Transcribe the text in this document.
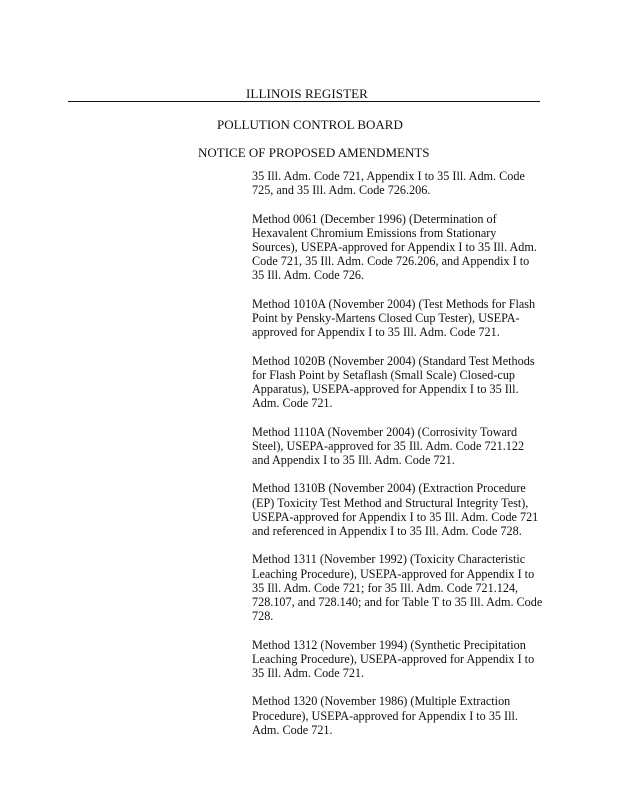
ILLINOIS REGISTER
POLLUTION CONTROL BOARD
NOTICE OF PROPOSED AMENDMENTS

35 Ill. Adm. Code 721, Appendix I to 35 Ill. Adm. Code 725, and 35 Ill. Adm. Code 726.206.

Method 0061 (December 1996) (Determination of Hexavalent Chromium Emissions from Stationary Sources), USEPA-approved for Appendix I to 35 Ill. Adm. Code 721, 35 Ill. Adm. Code 726.206, and Appendix I to 35 Ill. Adm. Code 726.

Method 1010A (November 2004) (Test Methods for Flash Point by Pensky-Martens Closed Cup Tester), USEPA-approved for Appendix I to 35 Ill. Adm. Code 721.

Method 1020B (November 2004) (Standard Test Methods for Flash Point by Setaflash (Small Scale) Closed-cup Apparatus), USEPA-approved for Appendix I to 35 Ill. Adm. Code 721.

Method 1110A (November 2004) (Corrosivity Toward Steel), USEPA-approved for 35 Ill. Adm. Code 721.122 and Appendix I to 35 Ill. Adm. Code 721.

Method 1310B (November 2004) (Extraction Procedure (EP) Toxicity Test Method and Structural Integrity Test), USEPA-approved for Appendix I to 35 Ill. Adm. Code 721 and referenced in Appendix I to 35 Ill. Adm. Code 728.

Method 1311 (November 1992) (Toxicity Characteristic Leaching Procedure), USEPA-approved for Appendix I to 35 Ill. Adm. Code 721; for 35 Ill. Adm. Code 721.124, 728.107, and 728.140; and for Table T to 35 Ill. Adm. Code 728.

Method 1312 (November 1994) (Synthetic Precipitation Leaching Procedure), USEPA-approved for Appendix I to 35 Ill. Adm. Code 721.

Method 1320 (November 1986) (Multiple Extraction Procedure), USEPA-approved for Appendix I to 35 Ill. Adm. Code 721.
